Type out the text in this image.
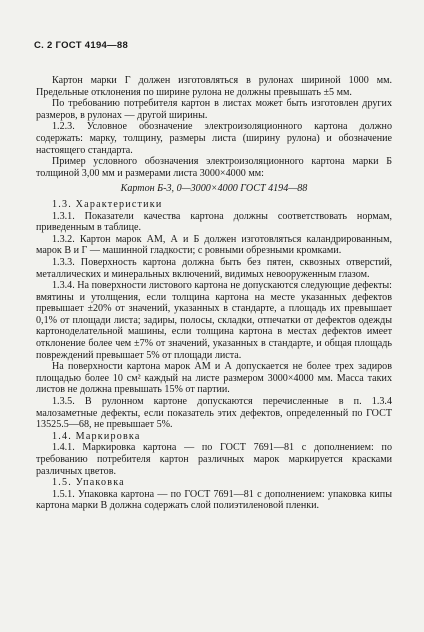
С. 2 ГОСТ 4194—88

Картон марки Г должен изготовляться в рулонах шириной 1000 мм. Предельные отклонения по ширине рулона не должны превышать ±5 мм.

По требованию потребителя картон в листах может быть изготовлен других размеров, в рулонах — другой ширины.

1.2.3. Условное обозначение электроизоляционного картона должно содержать: марку, толщину, размеры листа (ширину рулона) и обозначение настоящего стандарта.

Пример условного обозначения электроизоляционного картона марки Б толщиной 3,00 мм и размерами листа 3000×4000 мм:

Картон Б-3, 0—3000×4000 ГОСТ 4194—88

1.3. Характеристики

1.3.1. Показатели качества картона должны соответствовать нормам, приведенным в таблице.

1.3.2. Картон марок АМ, А и Б должен изготовляться каландрированным, марок В и Г — машинной гладкости; с ровными обрезными кромками.

1.3.3. Поверхность картона должна быть без пятен, сквозных отверстий, металлических и минеральных включений, видимых невооруженным глазом.

1.3.4. На поверхности листового картона не допускаются следующие дефекты: вмятины и утолщения, если толщина картона на месте указанных дефектов превышает ±20% от значений, указанных в стандарте, а площадь их превышает 0,1% от площади листа; задиры, полосы, складки, отпечатки от дефектов одежды картоноделательной машины, если толщина картона в местах дефектов имеет отклонение более чем ±7% от значений, указанных в стандарте, и общая площадь повреждений превышает 5% от площади листа.

На поверхности картона марок АМ и А допускается не более трех задиров площадью более 10 см² каждый на листе размером 3000×4000 мм. Масса таких листов не должна превышать 15% от партии.

1.3.5. В рулонном картоне допускаются перечисленные в п. 1.3.4 малозаметные дефекты, если показатель этих дефектов, определенный по ГОСТ 13525.5—68, не превышает 5%.

1.4. Маркировка

1.4.1. Маркировка картона — по ГОСТ 7691—81 с дополнением: по требованию потребителя картон различных марок маркируется красками различных цветов.

1.5. Упаковка

1.5.1. Упаковка картона — по ГОСТ 7691—81 с дополнением: упаковка кипы картона марки В должна содержать слой полиэтиленовой пленки.
